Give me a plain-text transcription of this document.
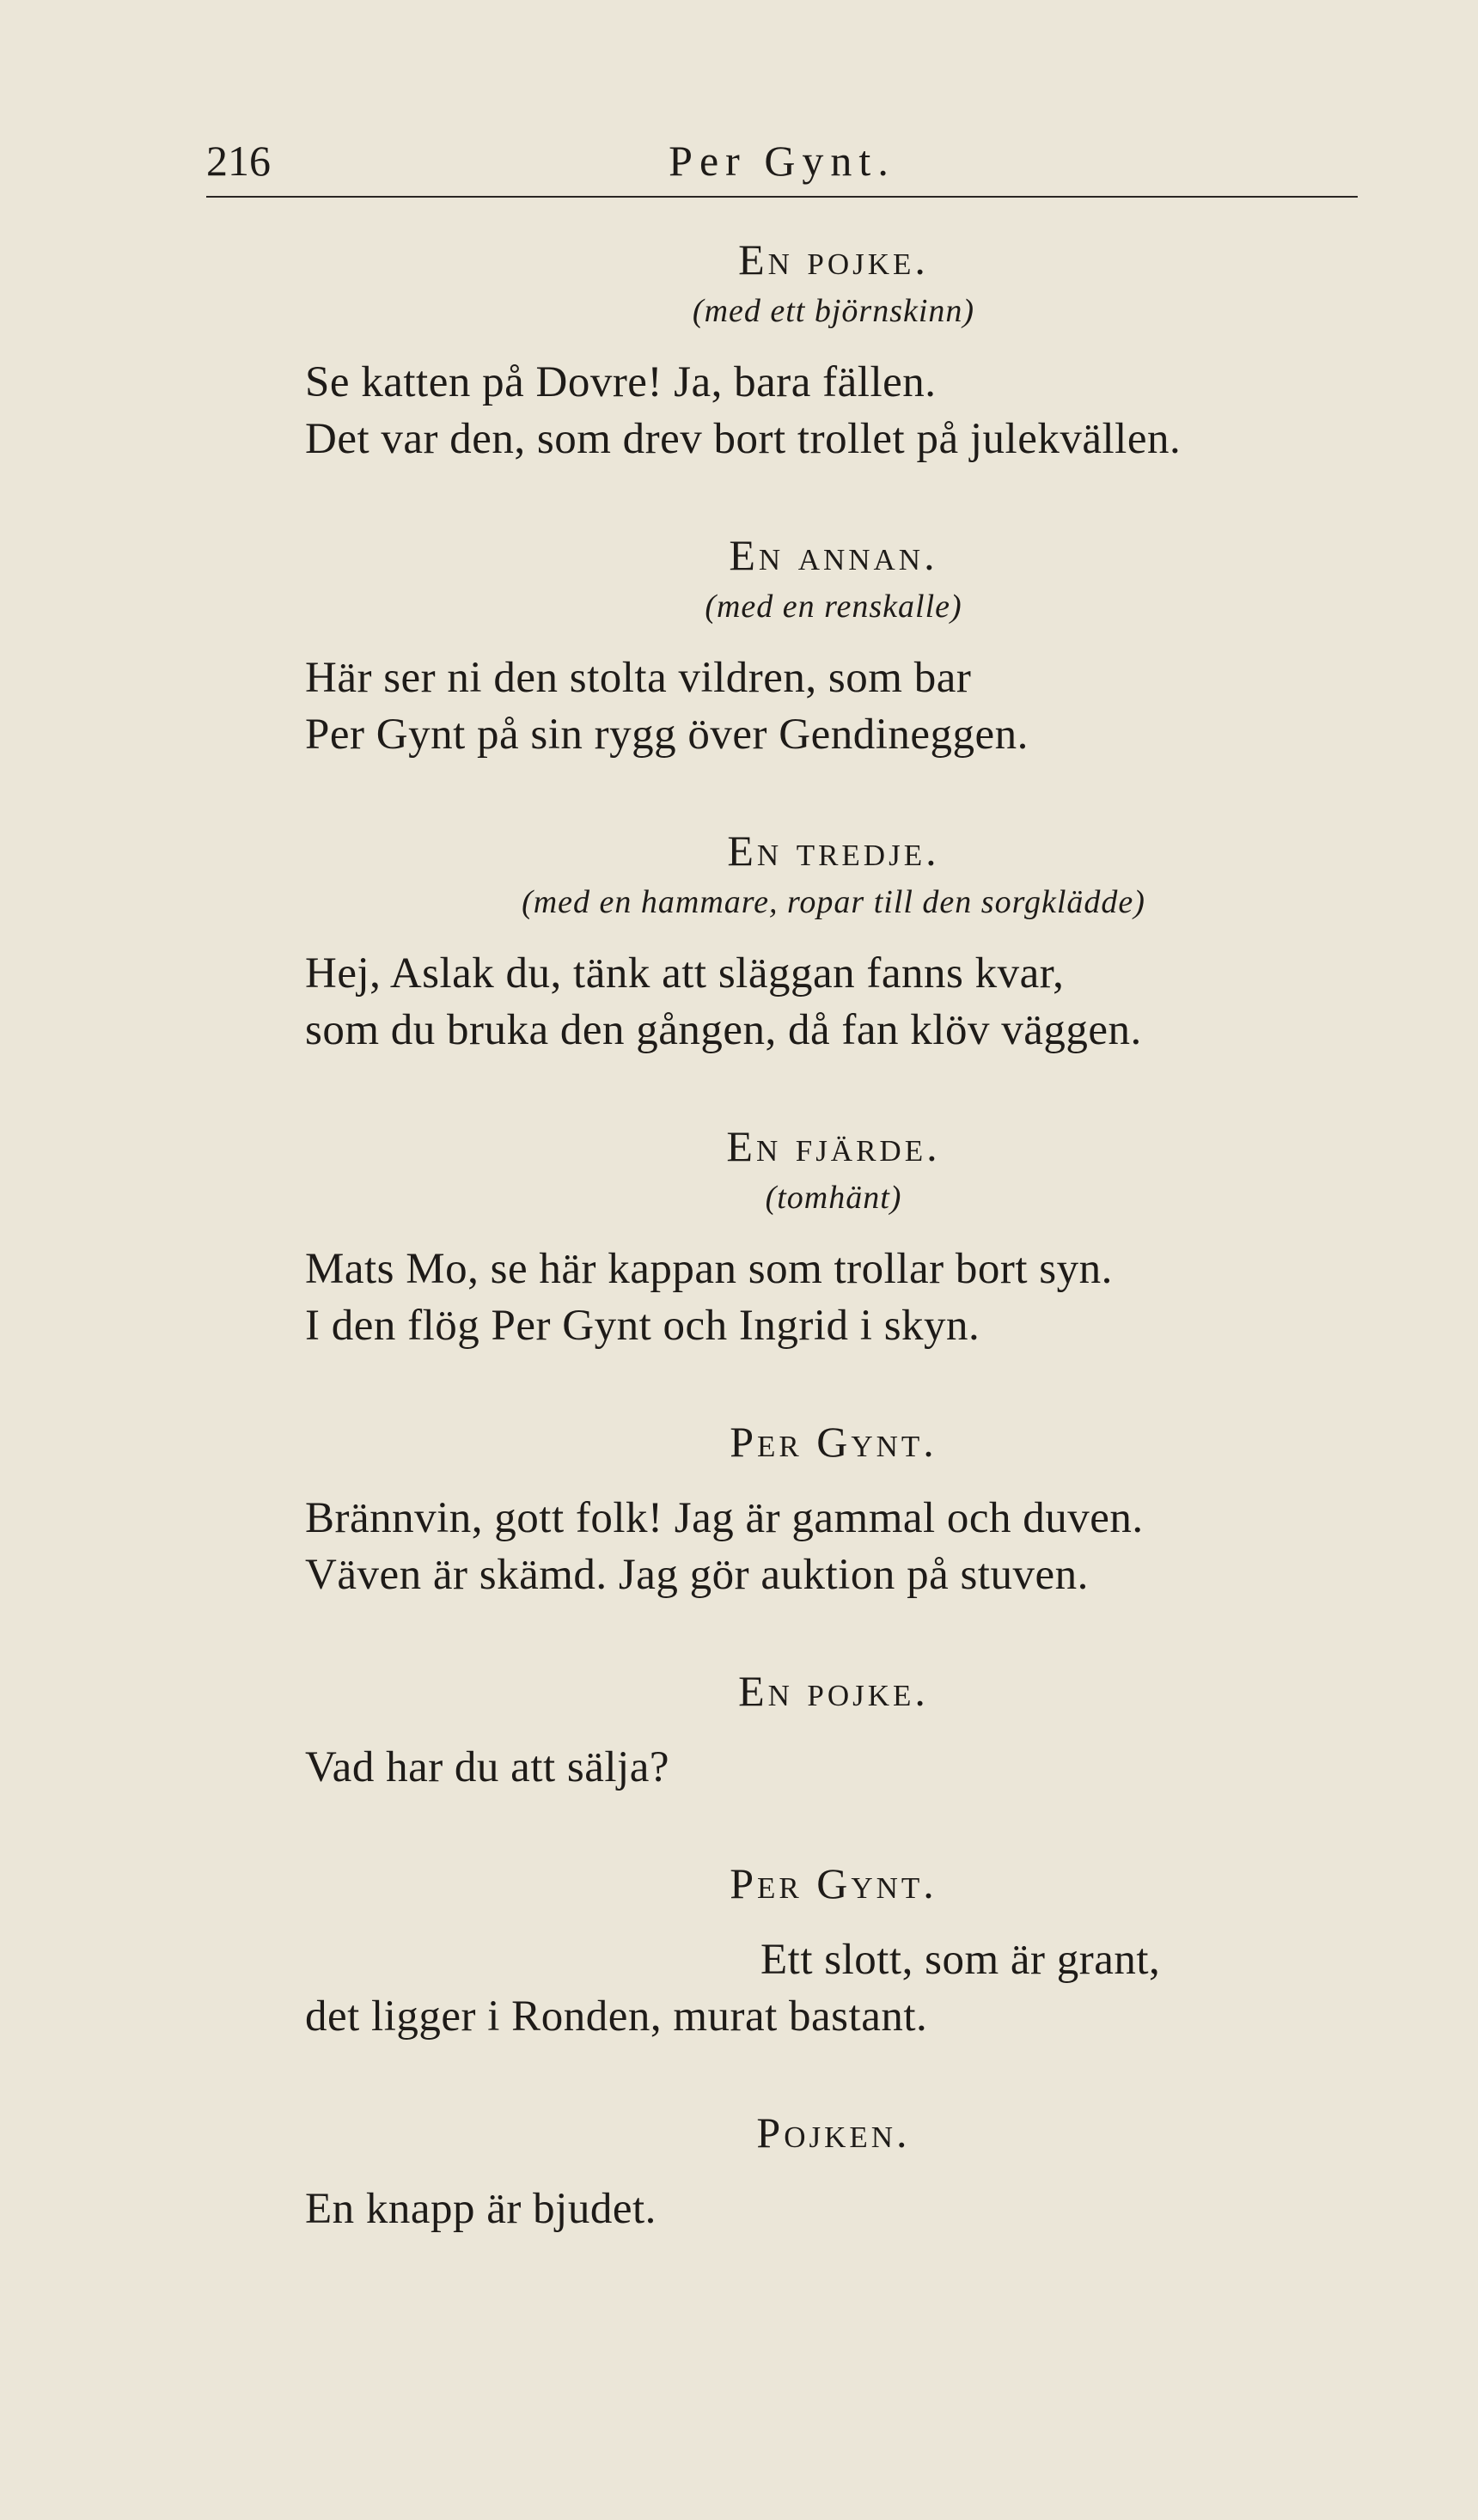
216	Per Gynt.
En pojke.
(med ett björnskinn)
Se katten på Dovre! Ja, bara fällen.
Det var den, som drev bort trollet på julekvällen.
En annan.
(med en renskalle)
Här ser ni den stolta vildren, som bar
Per Gynt på sin rygg över Gendineggen.
En tredje.
(med en hammare, ropar till den sorgklädde)
Hej, Aslak du, tänk att släggan fanns kvar,
som du bruka den gången, då fan klöv väggen.
En fjärde.
(tomhänt)
Mats Mo, se här kappan som trollar bort syn.
I den flög Per Gynt och Ingrid i skyn.
Per Gynt.
Brännvin, gott folk! Jag är gammal och duven.
Väven är skämd. Jag gör auktion på stuven.
En pojke.
Vad har du att sälja?
Per Gynt.
Ett slott, som är grant,
det ligger i Ronden, murat bastant.
Pojken.
En knapp är bjudet.
